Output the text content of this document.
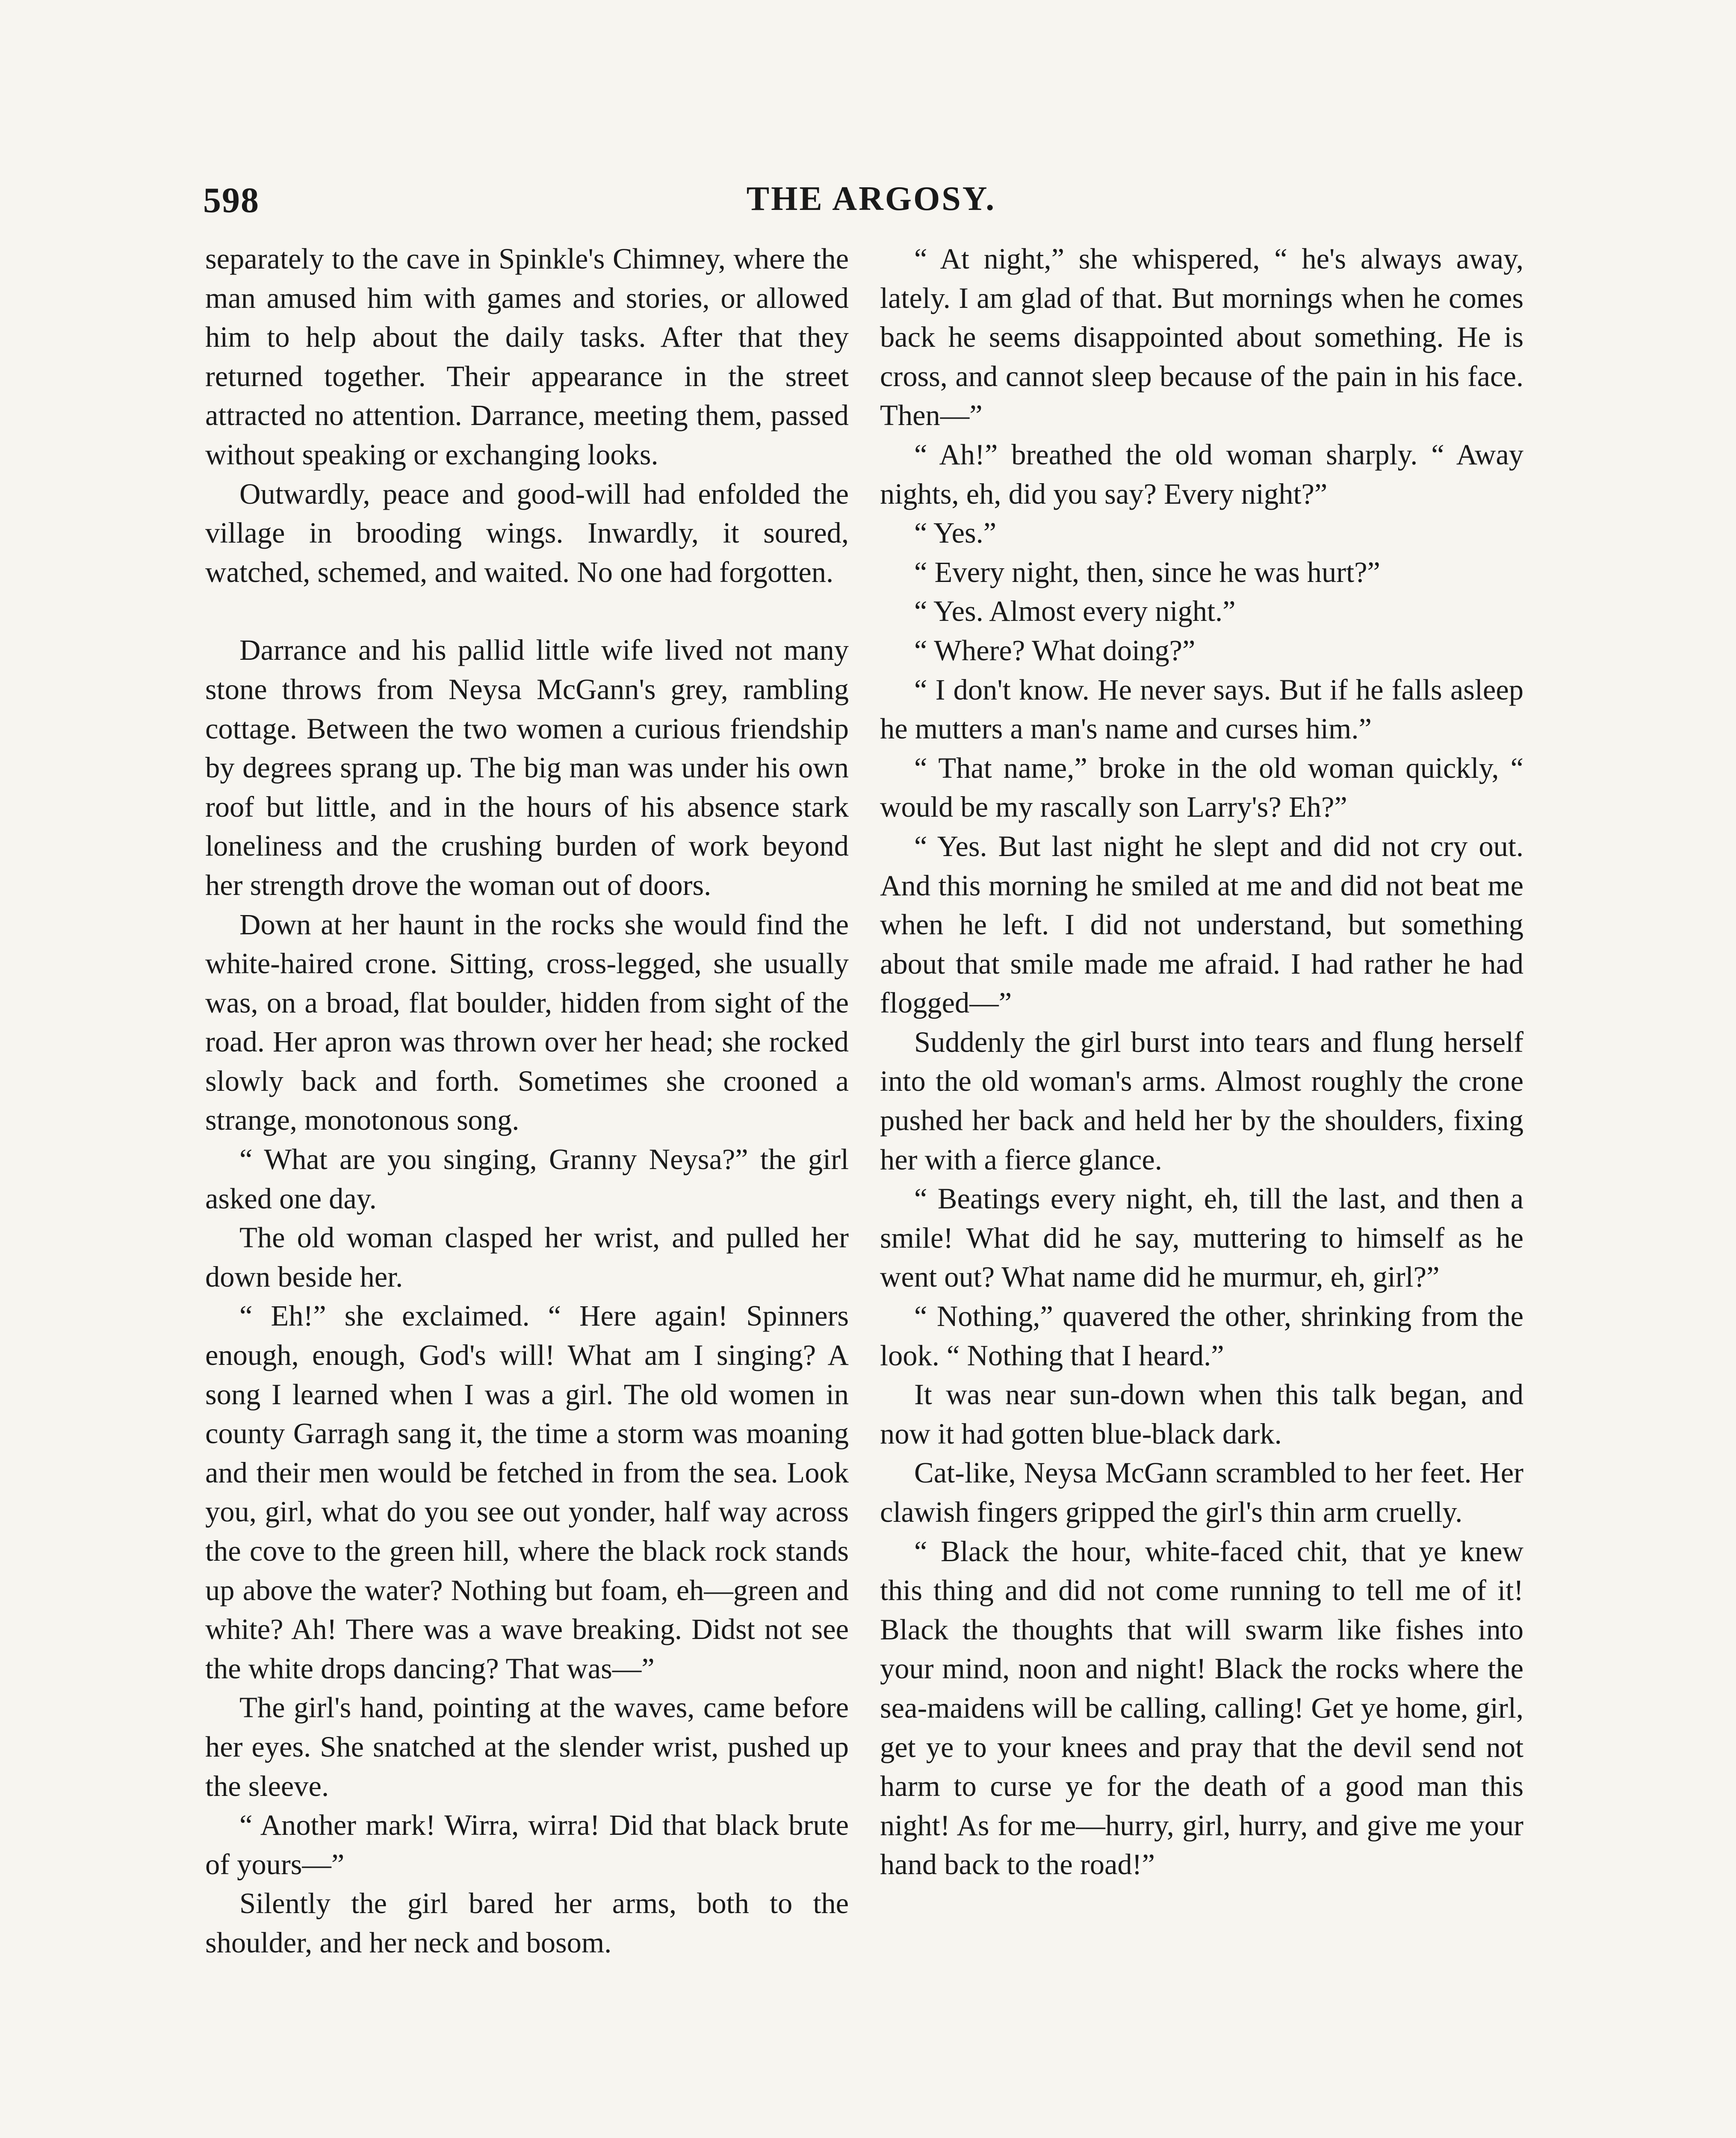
598	THE ARGOSY.

separately to the cave in Spinkle's Chimney, where the man amused him with games and stories, or allowed him to help about the daily tasks. After that they returned together. Their appearance in the street attracted no attention. Darrance, meeting them, passed without speaking or exchanging looks.

Outwardly, peace and good-will had enfolded the village in brooding wings. Inwardly, it soured, watched, schemed, and waited. No one had forgotten.

Darrance and his pallid little wife lived not many stone throws from Neysa McGann's grey, rambling cottage. Between the two women a curious friendship by degrees sprang up. The big man was under his own roof but little, and in the hours of his absence stark loneliness and the crushing burden of work beyond her strength drove the woman out of doors.

Down at her haunt in the rocks she would find the white-haired crone. Sitting, cross-legged, she usually was, on a broad, flat boulder, hidden from sight of the road. Her apron was thrown over her head; she rocked slowly back and forth. Sometimes she crooned a strange, monotonous song.

“ What are you singing, Granny Neysa?” the girl asked one day.

The old woman clasped her wrist, and pulled her down beside her.

“ Eh!” she exclaimed. “ Here again! Spinners enough, enough, God's will! What am I singing? A song I learned when I was a girl. The old women in county Garragh sang it, the time a storm was moaning and their men would be fetched in from the sea. Look you, girl, what do you see out yonder, half way across the cove to the green hill, where the black rock stands up above the water? Nothing but foam, eh—green and white? Ah! There was a wave breaking. Didst not see the white drops dancing? That was—”

The girl's hand, pointing at the waves, came before her eyes. She snatched at the slender wrist, pushed up the sleeve.

“ Another mark! Wirra, wirra! Did that black brute of yours—”

Silently the girl bared her arms, both to the shoulder, and her neck and bosom.

“ At night,” she whispered, “ he's always away, lately. I am glad of that. But mornings when he comes back he seems disappointed about something. He is cross, and cannot sleep because of the pain in his face. Then—”

“ Ah!” breathed the old woman sharply. “ Away nights, eh, did you say? Every night?”

“ Yes.”

“ Every night, then, since he was hurt?”

“ Yes. Almost every night.”

“ Where? What doing?”

“ I don't know. He never says. But if he falls asleep he mutters a man's name and curses him.”

“ That name,” broke in the old woman quickly, “ would be my rascally son Larry's? Eh?”

“ Yes. But last night he slept and did not cry out. And this morning he smiled at me and did not beat me when he left. I did not understand, but something about that smile made me afraid. I had rather he had flogged—”

Suddenly the girl burst into tears and flung herself into the old woman's arms. Almost roughly the crone pushed her back and held her by the shoulders, fixing her with a fierce glance.

“ Beatings every night, eh, till the last, and then a smile! What did he say, muttering to himself as he went out? What name did he murmur, eh, girl?”

“ Nothing,” quavered the other, shrinking from the look. “ Nothing that I heard.”

It was near sun-down when this talk began, and now it had gotten blue-black dark.

Cat-like, Neysa McGann scrambled to her feet. Her clawish fingers gripped the girl's thin arm cruelly.

“ Black the hour, white-faced chit, that ye knew this thing and did not come running to tell me of it! Black the thoughts that will swarm like fishes into your mind, noon and night! Black the rocks where the sea-maidens will be calling, calling! Get ye home, girl, get ye to your knees and pray that the devil send not harm to curse ye for the death of a good man this night! As for me—hurry, girl, hurry, and give me your hand back to the road!”
